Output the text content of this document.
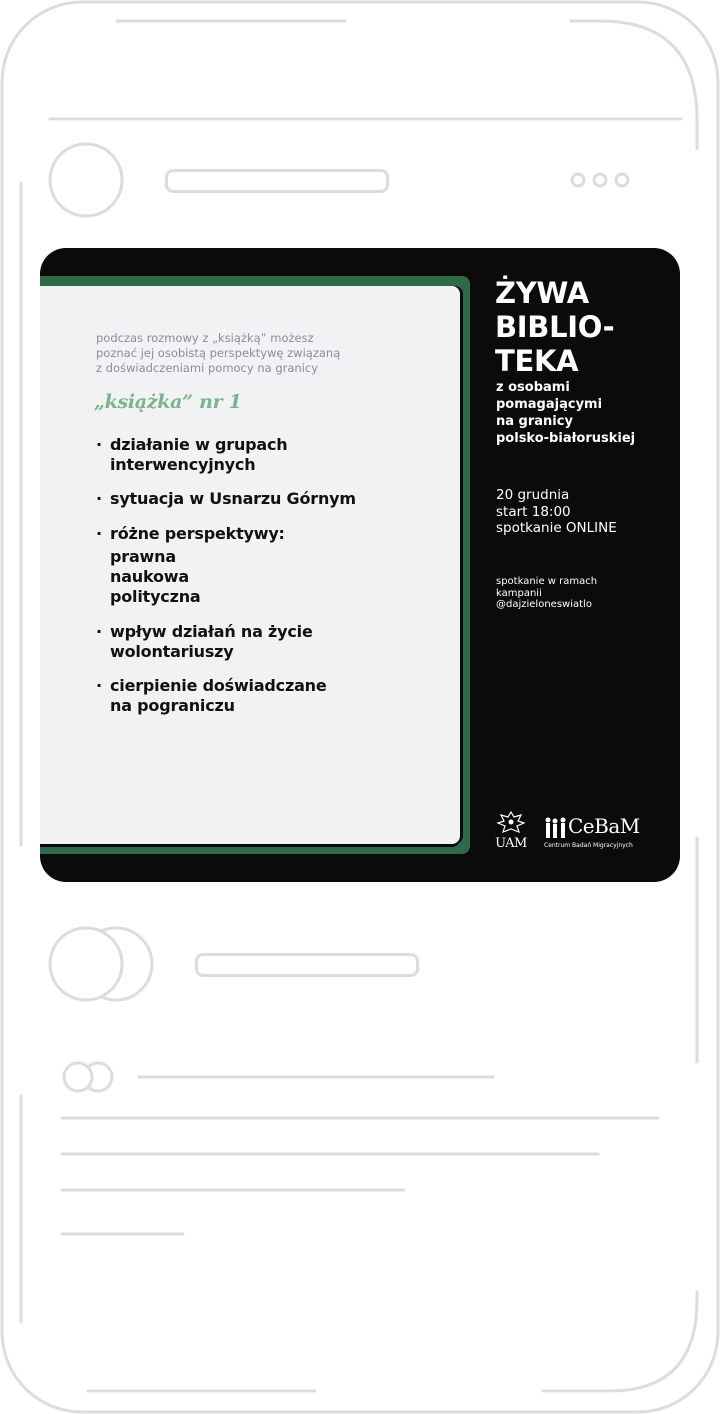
podczas rozmowy z „książką” możesz
poznać jej osobistą perspektywę związaną
z doświadczeniami pomocy na granicy
„książka” nr 1
· działanie w grupach
interwencyjnych
· sytuacja w Usnarzu Górnym
· różne perspektywy:
prawna
naukowa
polityczna
· wpływ działań na życie
wolontariuszy
· cierpienie doświadczane
na pograniczu
ŻYWA
BIBLIO-
TEKA
z osobami
pomagającymi
na granicy
polsko-białoruskiej
20 grudnia
start 18:00
spotkanie ONLINE
spotkanie w ramach
kampanii
@dajzieloneswiatlo
UAM
CeBaM
Centrum Badań Migracyjnych
